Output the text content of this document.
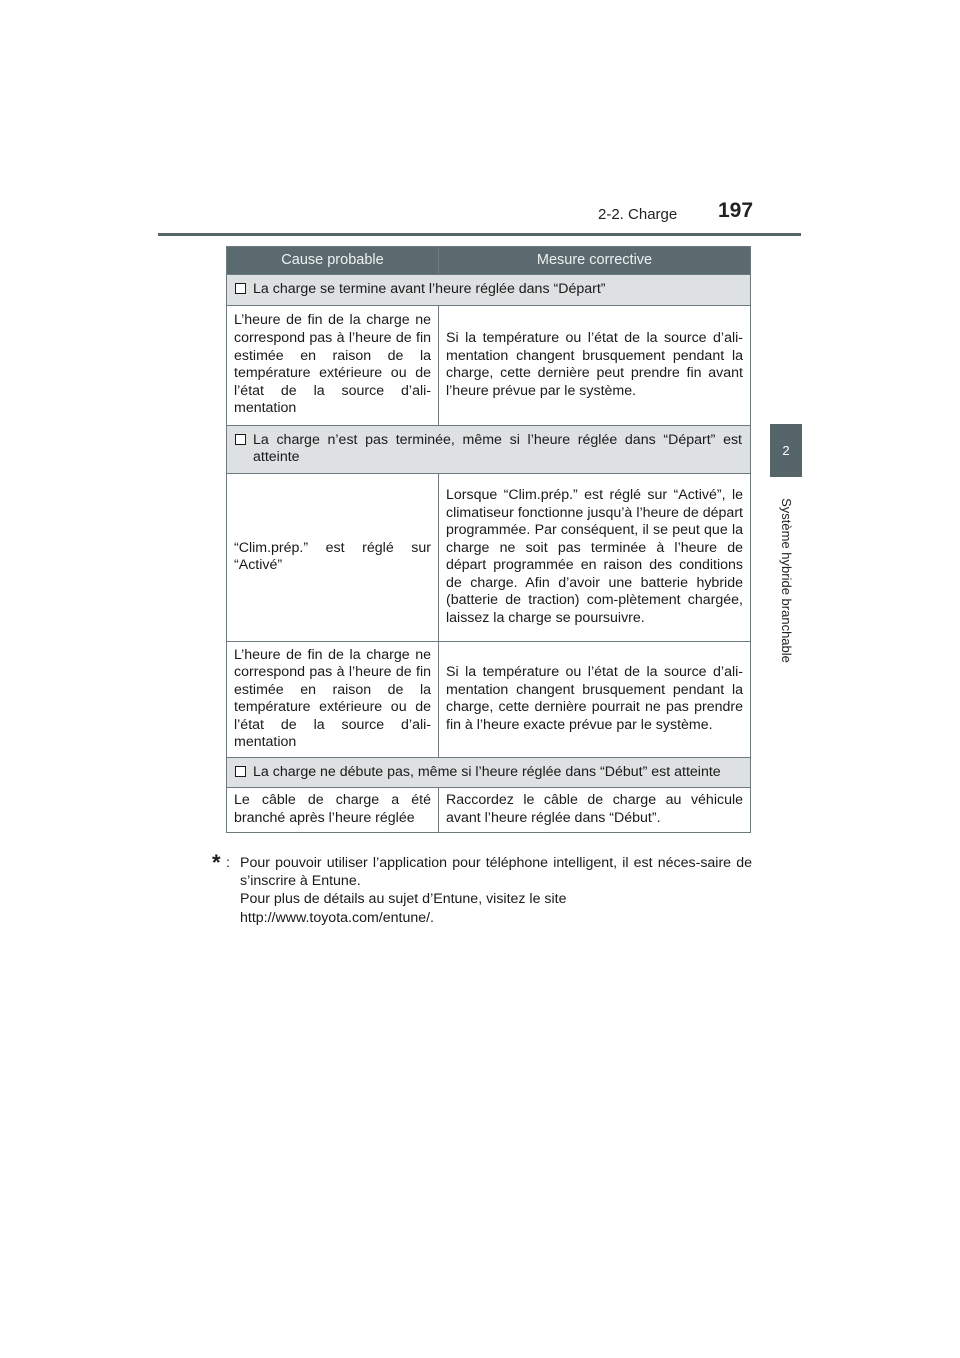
2-2. Charge 197
2
Système hybride branchable
Cause probable	Mesure corrective

La charge se termine avant l’heure réglée dans “Départ”	

L’heure de fin de la charge ne correspond pas à l’heure de fin estimée en raison de la température extérieure ou de l’état de la source d’ali-mentation	Si la température ou l’état de la source d’ali-mentation changent brusquement pendant la charge, cette dernière peut prendre fin avant l’heure prévue par le système.

La charge n’est pas terminée, même si l’heure réglée dans “Départ” est atteinte	

“Clim.prép.” est réglé sur “Activé”	Lorsque “Clim.prép.” est réglé sur “Activé”, le climatiseur fonctionne jusqu’à l’heure de départ programmée. Par conséquent, il se peut que la charge ne soit pas terminée à l’heure de départ programmée en raison des conditions de charge. Afin d’avoir une batterie hybride (batterie de traction) com-plètement chargée, laissez la charge se poursuivre.

L’heure de fin de la charge ne correspond pas à l’heure de fin estimée en raison de la température extérieure ou de l’état de la source d’ali-mentation	Si la température ou l’état de la source d’ali-mentation changent brusquement pendant la charge, cette dernière pourrait ne pas prendre fin à l’heure exacte prévue par le système.

La charge ne débute pas, même si l’heure réglée dans “Début” est atteinte	

Le câble de charge a été branché après l’heure réglée	Raccordez le câble de charge au véhicule avant l’heure réglée dans “Début”.
* : Pour pouvoir utiliser l’application pour téléphone intelligent, il est néces-saire de s’inscrire à Entune.
Pour plus de détails au sujet d’Entune, visitez le site
http://www.toyota.com/entune/.
